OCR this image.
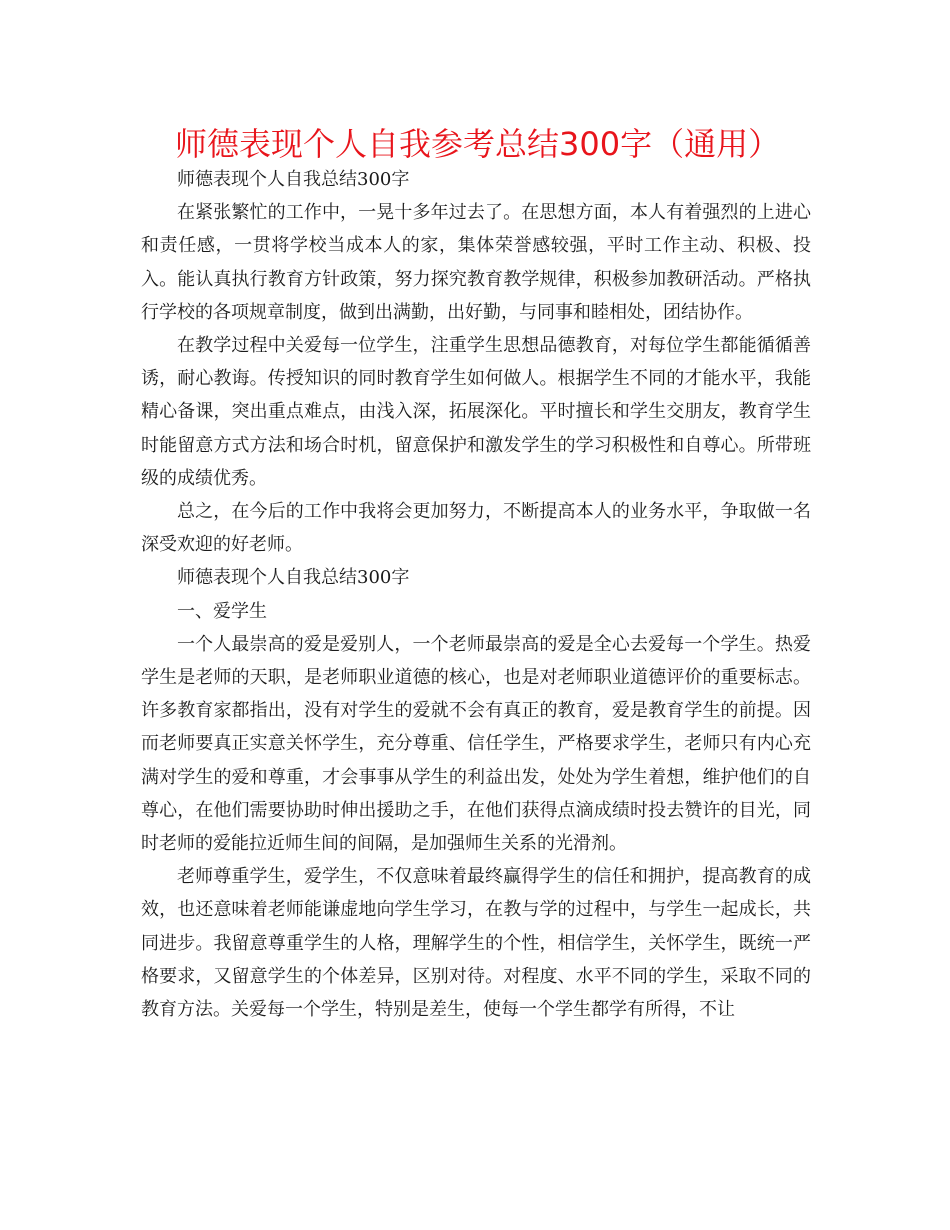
师德表现个人自我参考总结300字（通用）

师德表现个人自我总结300字

在紧张繁忙的工作中，一晃十多年过去了。在思想方面，本人有着强烈的上进心和责任感，一贯将学校当成本人的家，集体荣誉感较强，平时工作主动、积极、投入。能认真执行教育方针政策，努力探究教育教学规律，积极参加教研活动。严格执行学校的各项规章制度，做到出满勤，出好勤，与同事和睦相处，团结协作。

在教学过程中关爱每一位学生，注重学生思想品德教育，对每位学生都能循循善诱，耐心教诲。传授知识的同时教育学生如何做人。根据学生不同的才能水平，我能精心备课，突出重点难点，由浅入深，拓展深化。平时擅长和学生交朋友，教育学生时能留意方式方法和场合时机，留意保护和激发学生的学习积极性和自尊心。所带班级的成绩优秀。

总之，在今后的工作中我将会更加努力，不断提高本人的业务水平，争取做一名深受欢迎的好老师。

师德表现个人自我总结300字

一、爱学生

一个人最崇高的爱是爱别人，一个老师最崇高的爱是全心去爱每一个学生。热爱学生是老师的天职，是老师职业道德的核心，也是对老师职业道德评价的重要标志。许多教育家都指出，没有对学生的爱就不会有真正的教育，爱是教育学生的前提。因而老师要真正实意关怀学生，充分尊重、信任学生，严格要求学生，老师只有内心充满对学生的爱和尊重，才会事事从学生的利益出发，处处为学生着想，维护他们的自尊心，在他们需要协助时伸出援助之手，在他们获得点滴成绩时投去赞许的目光，同时老师的爱能拉近师生间的间隔，是加强师生关系的光滑剂。

老师尊重学生，爱学生，不仅意味着最终赢得学生的信任和拥护，提高教育的成效，也还意味着老师能谦虚地向学生学习，在教与学的过程中，与学生一起成长，共同进步。我留意尊重学生的人格，理解学生的个性，相信学生，关怀学生，既统一严格要求，又留意学生的个体差异，区别对待。对程度、水平不同的学生，采取不同的教育方法。关爱每一个学生，特别是差生，使每一个学生都学有所得，不让
